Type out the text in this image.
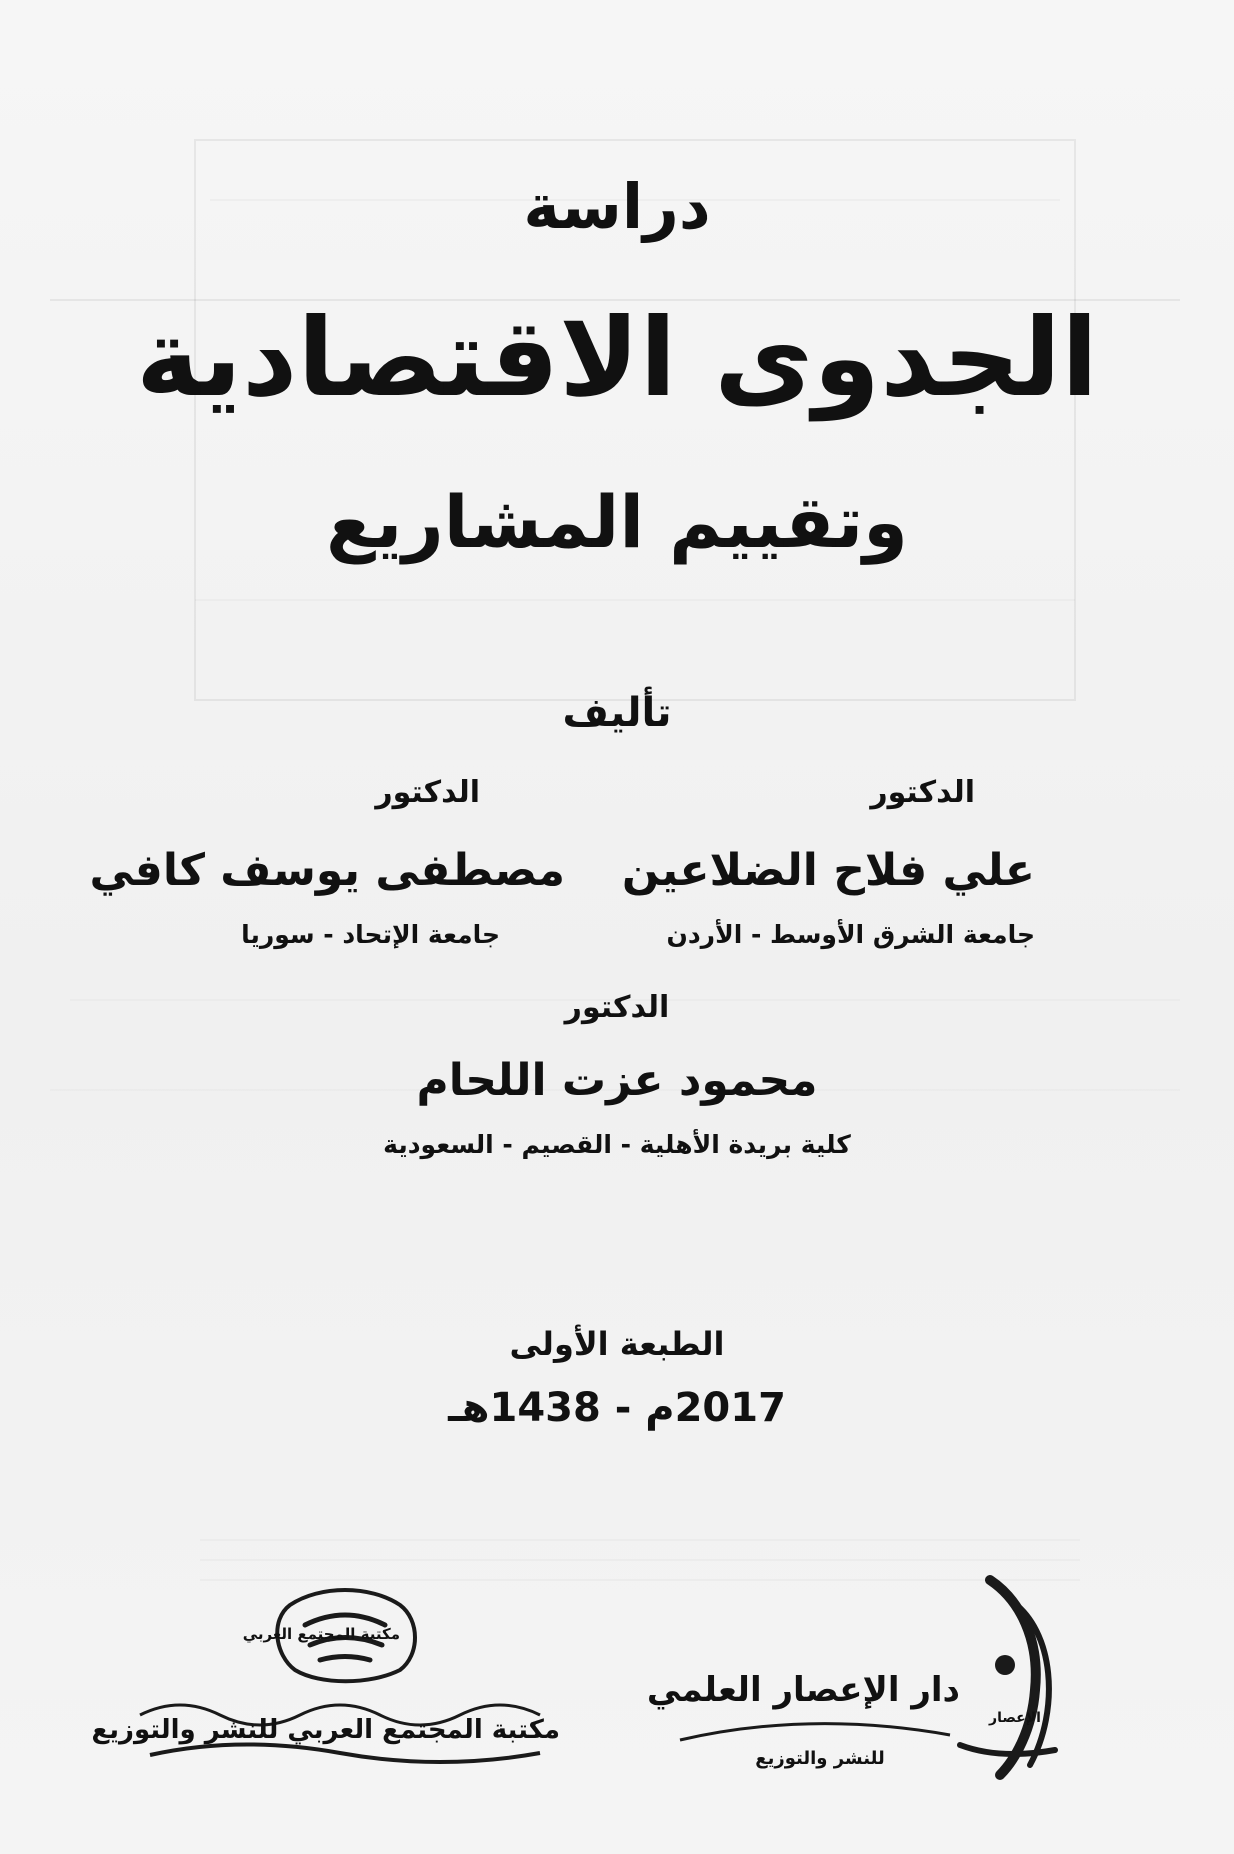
دراسة
الجدوى الاقتصادية
وتقييم المشاريع
تأليف
الدكتور
علي فلاح الضلاعين
جامعة الشرق الأوسط - الأردن
الدكتور
مصطفى يوسف كافي
جامعة الإتحاد - سوريا
الدكتور
محمود عزت اللحام
كلية بريدة الأهلية - القصيم - السعودية
الطبعة الأولى
2017م - 1438هـ
مكتبة المجتمع العربي
مكتبة المجتمع العربي للنشر والتوزيع	الإعصار
دار الإعصار العلمي
للنشر والتوزيع
